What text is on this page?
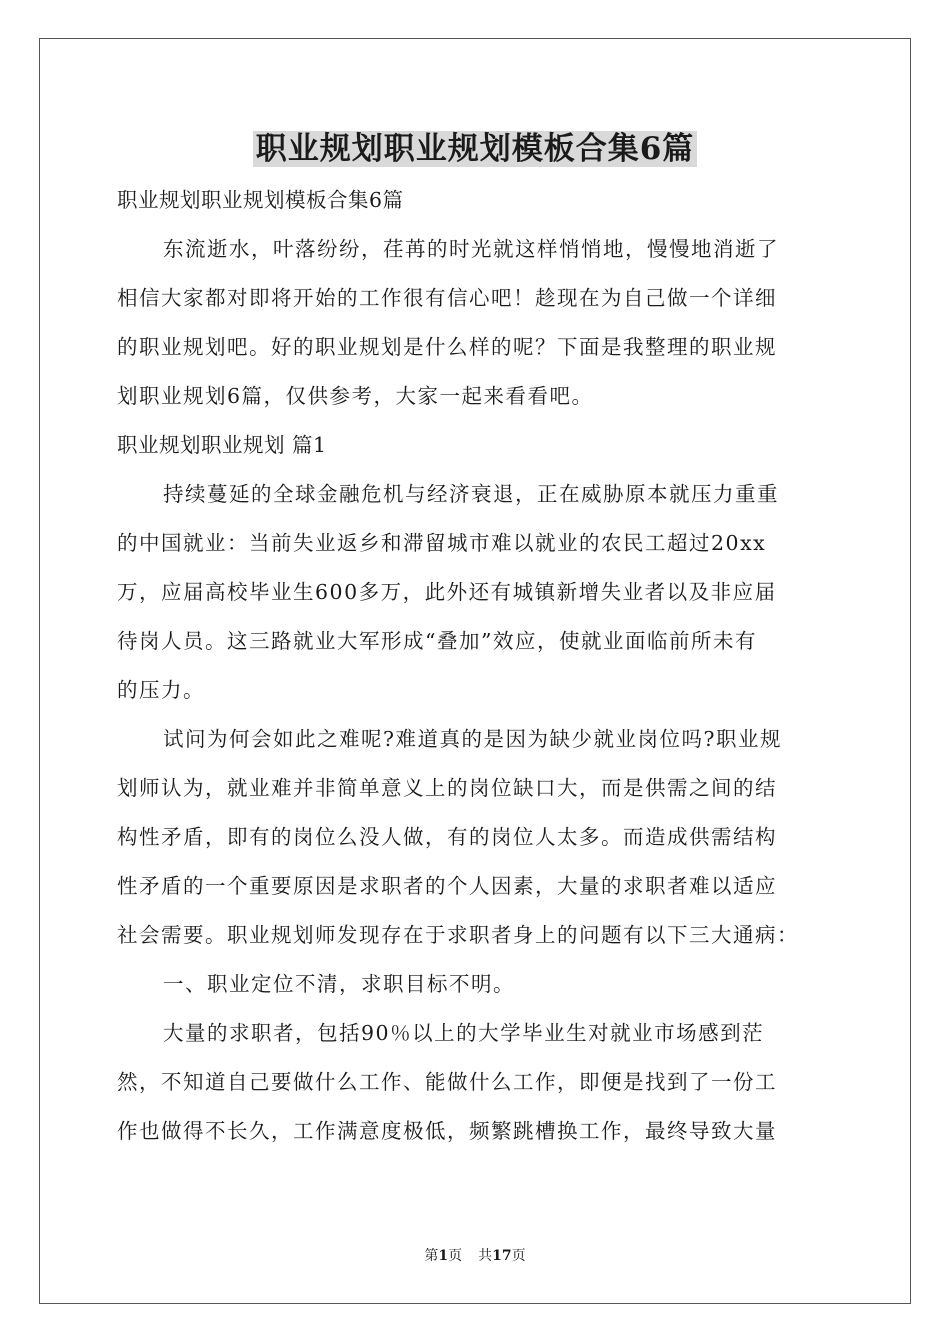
职业规划职业规划模板合集6篇
职业规划职业规划模板合集6篇
东流逝水，叶落纷纷，荏苒的时光就这样悄悄地，慢慢地消逝了
相信大家都对即将开始的工作很有信心吧！趁现在为自己做一个详细
的职业规划吧。好的职业规划是什么样的呢？下面是我整理的职业规
划职业规划6篇，仅供参考，大家一起来看看吧。
职业规划职业规划 篇1
持续蔓延的全球金融危机与经济衰退，正在威胁原本就压力重重
的中国就业：当前失业返乡和滞留城市难以就业的农民工超过20xx
万，应届高校毕业生600多万，此外还有城镇新增失业者以及非应届
待岗人员。这三路就业大军形成“叠加”效应，使就业面临前所未有
的压力。
试问为何会如此之难呢?难道真的是因为缺少就业岗位吗?职业规
划师认为，就业难并非简单意义上的岗位缺口大，而是供需之间的结
构性矛盾，即有的岗位么没人做，有的岗位人太多。而造成供需结构
性矛盾的一个重要原因是求职者的个人因素，大量的求职者难以适应
社会需要。职业规划师发现存在于求职者身上的问题有以下三大通病：
一、职业定位不清，求职目标不明。
大量的求职者，包括90％以上的大学毕业生对就业市场感到茫
然，不知道自己要做什么工作、能做什么工作，即便是找到了一份工
作也做得不长久，工作满意度极低，频繁跳槽换工作，最终导致大量
第1页 共17页
